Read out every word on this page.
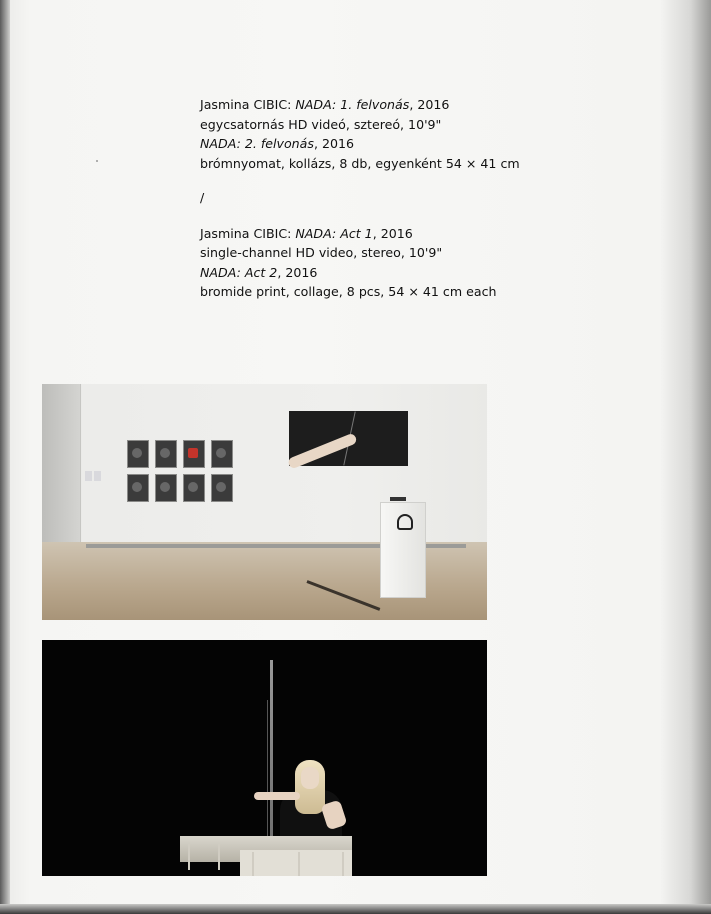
Jasmina CIBIC: NADA: 1. felvonás, 2016

egycsatornás HD videó, sztereó, 10'9"

NADA: 2. felvonás, 2016

brómnyomat, kollázs, 8 db, egyenként 54 × 41 cm

/

Jasmina CIBIC: NADA: Act 1, 2016

single-channel HD video, stereo, 10'9"

NADA: Act 2, 2016

bromide print, collage, 8 pcs, 54 × 41 cm each
